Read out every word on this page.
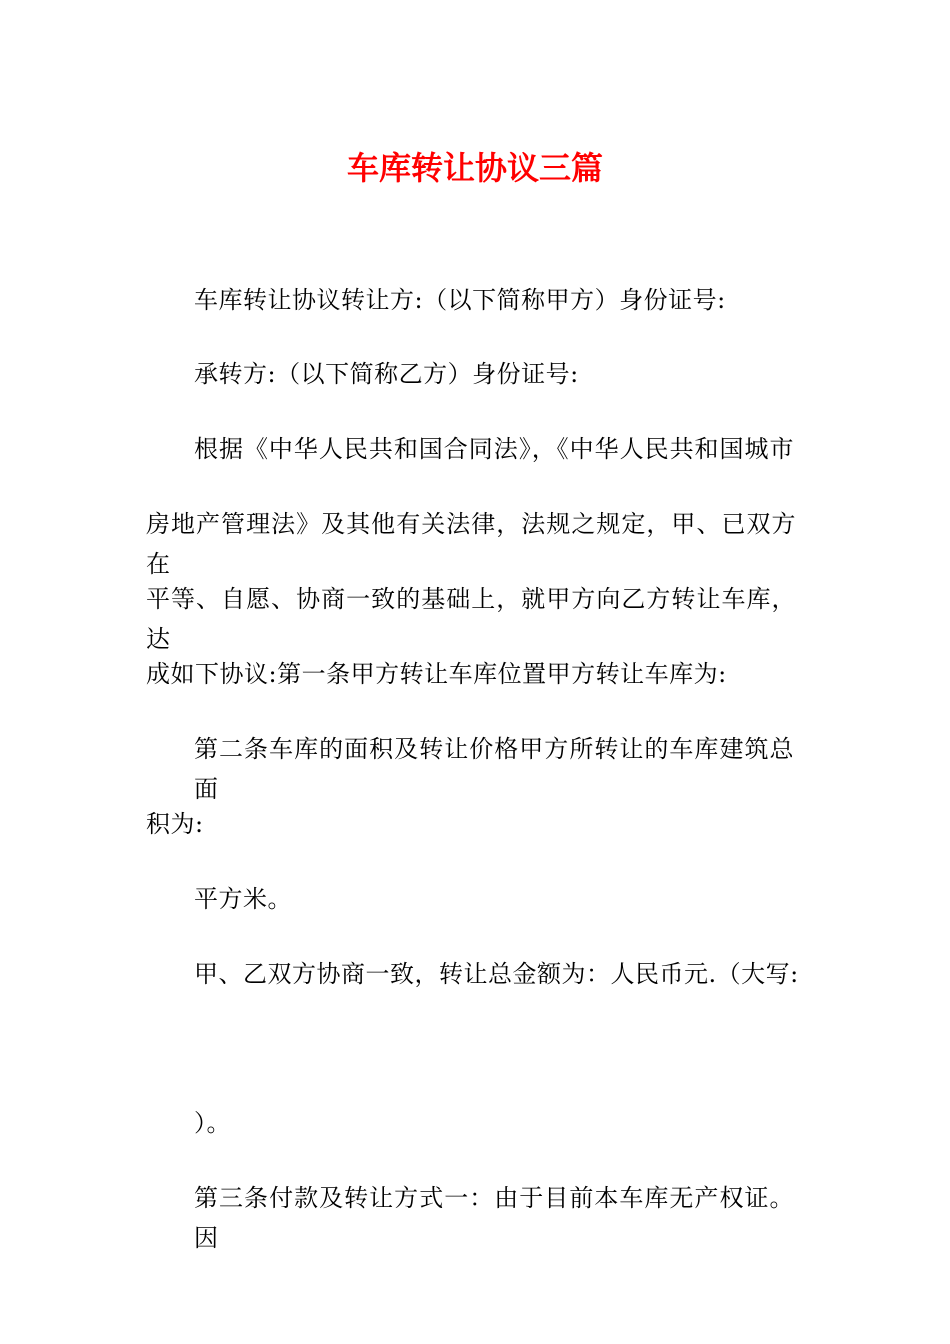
车库转让协议三篇

车库转让协议转让方:（以下简称甲方）身份证号:

承转方:（以下简称乙方）身份证号:

根据《中华人民共和国合同法》，《中华人民共和国城市

房地产管理法》及其他有关法律，法规之规定，甲、已双方在

平等、自愿、协商一致的基础上，就甲方向乙方转让车库，达

成如下协议:第一条甲方转让车库位置甲方转让车库为:

第二条车库的面积及转让价格甲方所转让的车库建筑总面

积为:

平方米。

甲、乙双方协商一致，转让总金额为：人民币元.（大写:

）。

第三条付款及转让方式一：由于目前本车库无产权证。因
